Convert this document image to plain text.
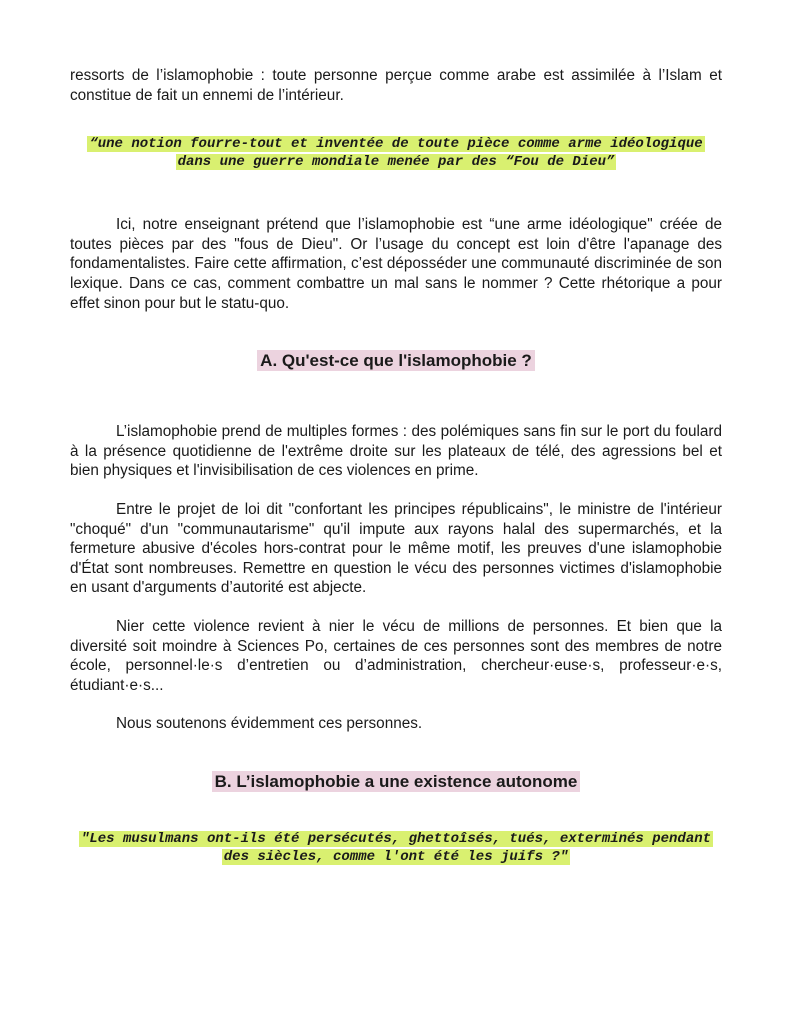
ressorts de l’islamophobie : toute personne perçue comme arabe est assimilée à l’Islam et constitue de fait un ennemi de l’intérieur.

“une notion fourre-tout et inventée de toute pièce comme arme idéologique dans une guerre mondiale menée par des “Fou de Dieu”

Ici, notre enseignant prétend que l’islamophobie est “une arme idéologique" créée de toutes pièces par des "fous de Dieu". Or l’usage du concept est loin d'être l'apanage des fondamentalistes. Faire cette affirmation, c’est déposséder une communauté discriminée de son lexique. Dans ce cas, comment combattre un mal sans le nommer ? Cette rhétorique a pour effet sinon pour but le statu-quo.

A. Qu'est-ce que l'islamophobie ?

L’islamophobie prend de multiples formes : des polémiques sans fin sur le port du foulard à la présence quotidienne de l'extrême droite sur les plateaux de télé, des agressions bel et bien physiques et l'invisibilisation de ces violences en prime.

Entre le projet de loi dit "confortant les principes républicains", le ministre de l'intérieur "choqué" d'un "communautarisme" qu'il impute aux rayons halal des supermarchés, et la fermeture abusive d'écoles hors-contrat pour le même motif, les preuves d'une islamophobie d'État sont nombreuses. Remettre en question le vécu des personnes victimes d'islamophobie en usant d'arguments d’autorité est abjecte.

Nier cette violence revient à nier le vécu de millions de personnes. Et bien que la diversité soit moindre à Sciences Po, certaines de ces personnes sont des membres de notre école, personnel·le·s d’entretien ou d’administration, chercheur·euse·s, professeur·e·s, étudiant·e·s...

Nous soutenons évidemment ces personnes.

B. L’islamophobie a une existence autonome

"Les musulmans ont-ils été persécutés, ghettoîsés, tués, exterminés pendant des siècles, comme l'ont été les juifs ?"
